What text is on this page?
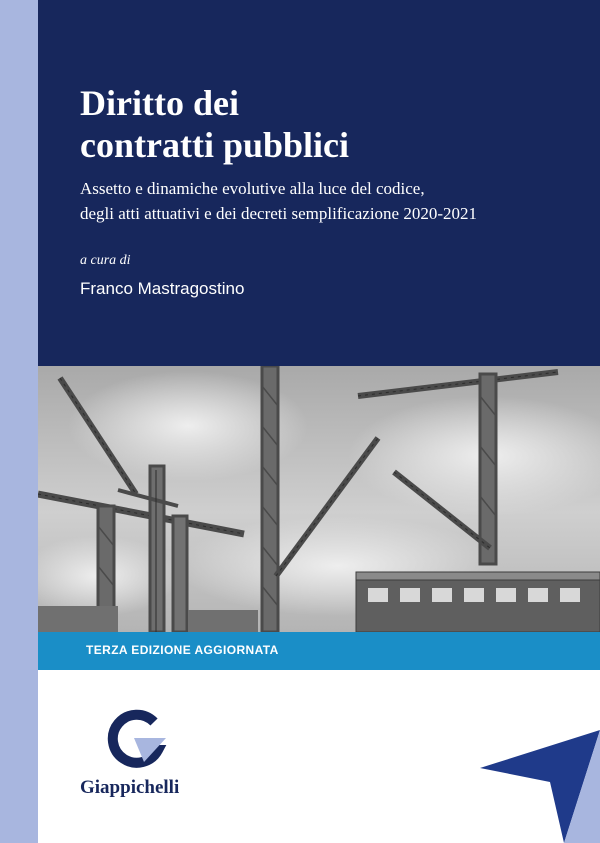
Diritto dei
contratti pubblici
Assetto e dinamiche evolutive alla luce del codice,
degli atti attuativi e dei decreti semplificazione 2020-2021
a cura di
Franco Mastragostino
TERZA EDIZIONE AGGIORNATA
Giappichelli
